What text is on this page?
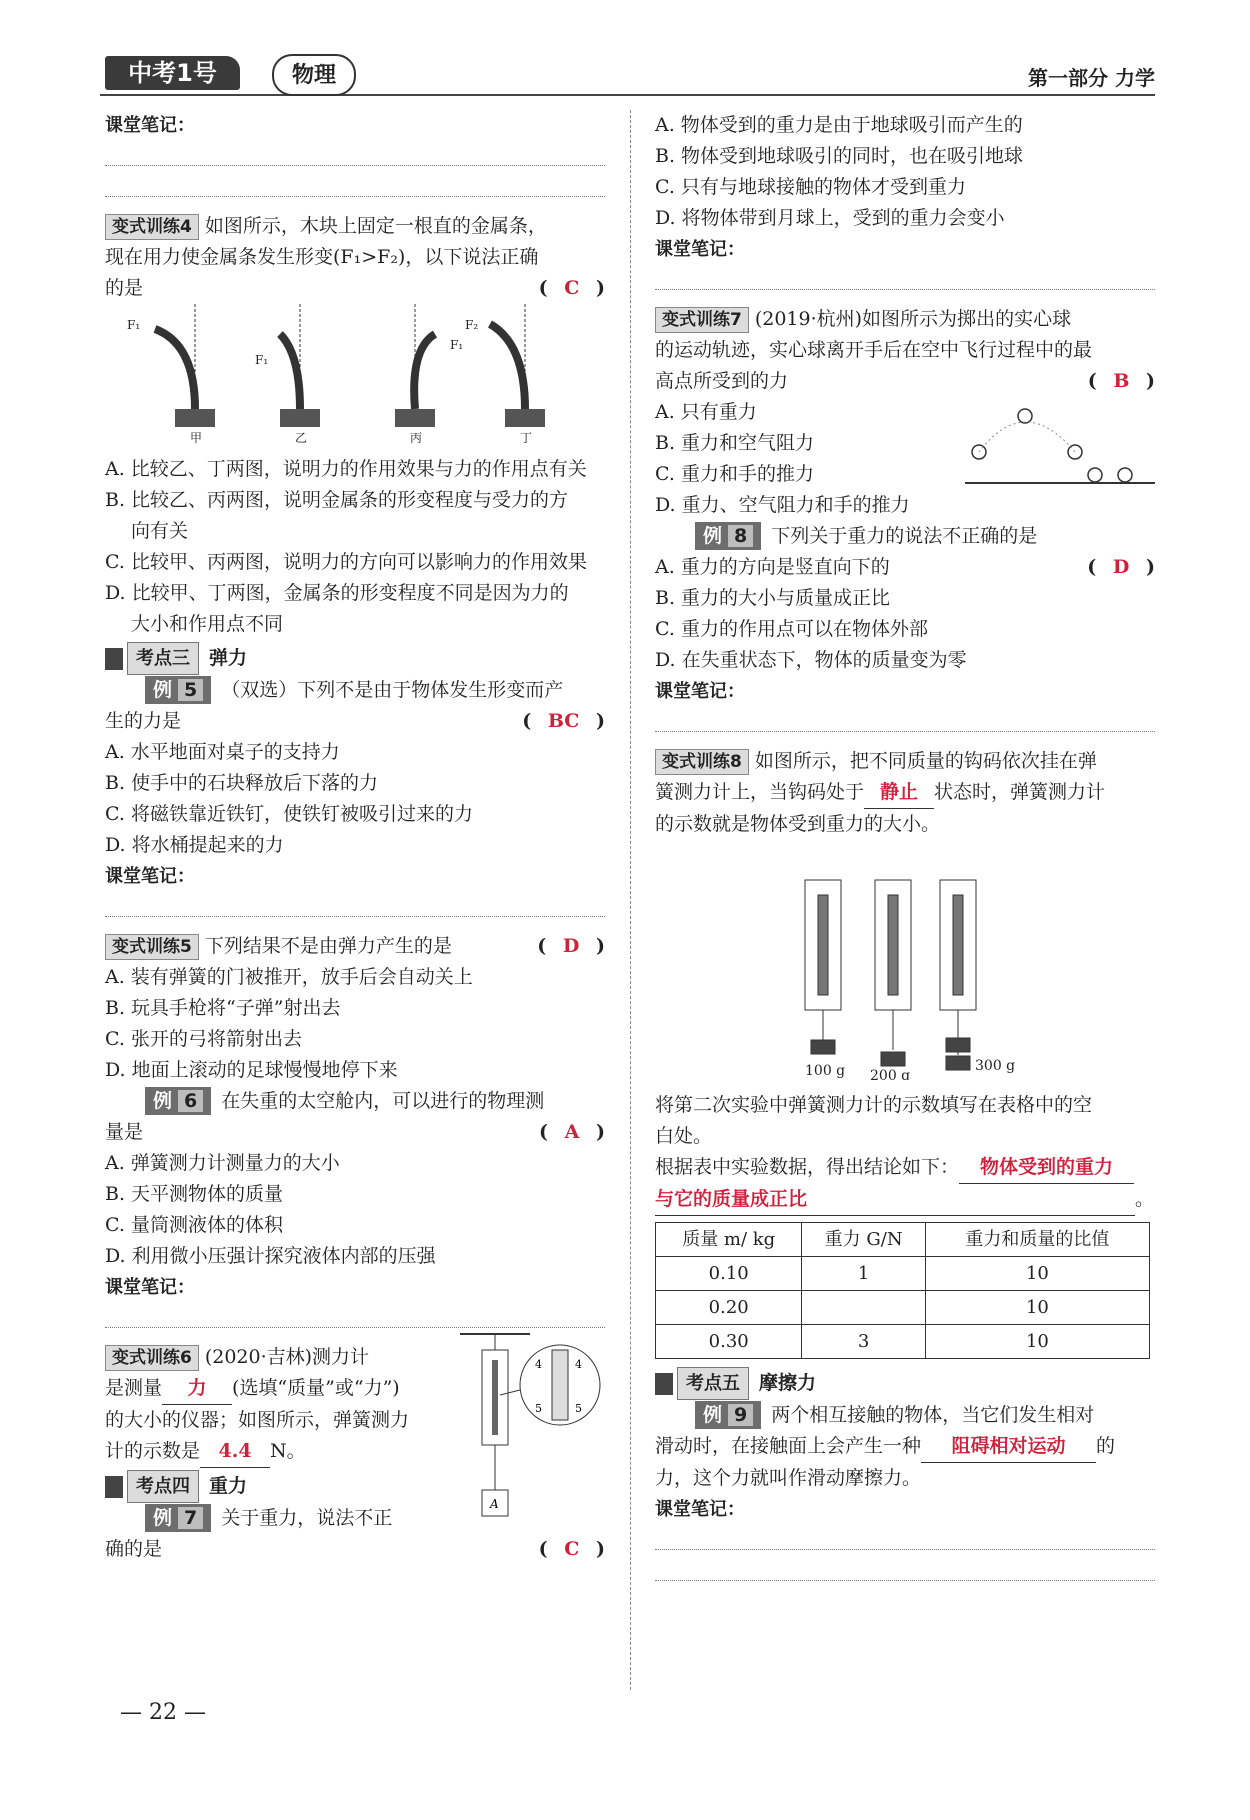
中考1号	物理	第一部分 力学
课堂笔记：
变式训练4 如图所示，木块上固定一根直的金属条，
现在用力使金属条发生形变(F₁>F₂)，以下说法正确
的是	( C )
F₁
F₁
F₁
F₂
甲	乙	丙	丁
A. 比较乙、丁两图，说明力的作用效果与力的作用点有关
B. 比较乙、丙两图，说明金属条的形变程度与受力的方
向有关
C. 比较甲、丙两图，说明力的方向可以影响力的作用效果
D. 比较甲、丁两图，金属条的形变程度不同是因为力的
大小和作用点不同
考点三 弹力
例 5 （双选）下列不是由于物体发生形变而产
生的力是	( BC )
A. 水平地面对桌子的支持力
B. 使手中的石块释放后下落的力
C. 将磁铁靠近铁钉，使铁钉被吸引过来的力
D. 将水桶提起来的力
课堂笔记：
变式训练5 下列结果不是由弹力产生的是	( D )
A. 装有弹簧的门被推开，放手后会自动关上
B. 玩具手枪将“子弹”射出去
C. 张开的弓将箭射出去
D. 地面上滚动的足球慢慢地停下来
例 6 在失重的太空舱内，可以进行的物理测
量是	( A )
A. 弹簧测力计测量力的大小
B. 天平测物体的质量
C. 量筒测液体的体积
D. 利用微小压强计探究液体内部的压强
课堂笔记：
变式训练6 (2020·吉林)测力计
是测量 力 (选填“质量”或“力”)
的大小的仪器；如图所示，弹簧测力
计的示数是 4.4 N。
A
4
5
4
5
考点四 重力
例 7 关于重力，说法不正
确的是	( C )
A. 物体受到的重力是由于地球吸引而产生的
B. 物体受到地球吸引的同时，也在吸引地球
C. 只有与地球接触的物体才受到重力
D. 将物体带到月球上，受到的重力会变小
课堂笔记：
变式训练7 (2019·杭州)如图所示为掷出的实心球
的运动轨迹，实心球离开手后在空中飞行过程中的最
高点所受到的力	( B )
A. 只有重力
B. 重力和空气阻力
C. 重力和手的推力
D. 重力、空气阻力和手的推力
例 8 下列关于重力的说法不正确的是
( D )
A. 重力的方向是竖直向下的
B. 重力的大小与质量成正比
C. 重力的作用点可以在物体外部
D. 在失重状态下，物体的质量变为零
课堂笔记：
变式训练8 如图所示，把不同质量的钩码依次挂在弹
簧测力计上，当钩码处于 静止 状态时，弹簧测力计
的示数就是物体受到重力的大小。
100 g 200 g
300 g
将第二次实验中弹簧测力计的示数填写在表格中的空
白处。
根据表中实验数据，得出结论如下： 物体受到的重力
与它的质量成正比	。
质量 m/ kg	重力 G/N	重力和质量的比值
0.10	1	10
0.20		10
0.30	3	10
考点五 摩擦力
例 9 两个相互接触的物体，当它们发生相对
滑动时，在接触面上会产生一种 阻碍相对运动 的
力，这个力就叫作滑动摩擦力。
课堂笔记：
— 22 —
